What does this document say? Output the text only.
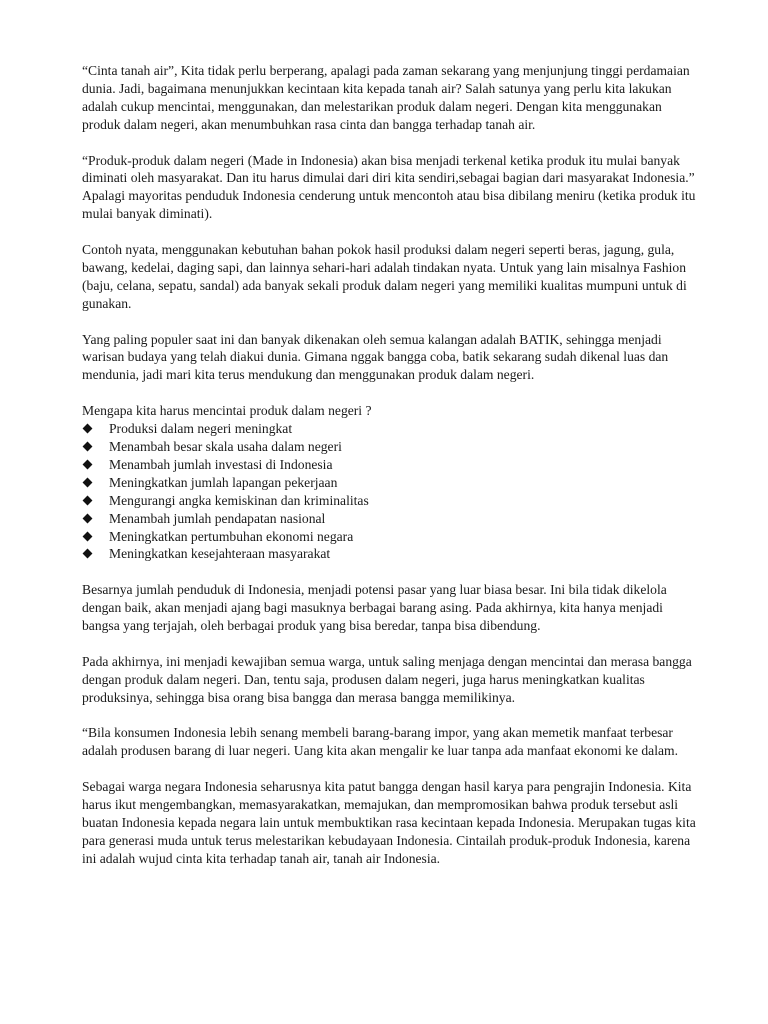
“Cinta tanah air”, Kita tidak perlu berperang, apalagi pada zaman sekarang yang menjunjung tinggi perdamaian dunia. Jadi, bagaimana menunjukkan kecintaan kita kepada tanah air? Salah satunya yang perlu kita lakukan adalah cukup mencintai, menggunakan, dan melestarikan produk dalam negeri. Dengan kita menggunakan produk dalam negeri, akan menumbuhkan rasa cinta dan bangga terhadap tanah air.

“Produk-produk dalam negeri (Made in Indonesia) akan bisa menjadi terkenal ketika produk itu mulai banyak diminati oleh masyarakat. Dan itu harus dimulai dari diri kita sendiri,sebagai bagian dari masyarakat Indonesia.” Apalagi mayoritas penduduk Indonesia cenderung untuk mencontoh atau bisa dibilang meniru (ketika produk itu mulai banyak diminati).

Contoh nyata, menggunakan kebutuhan bahan pokok hasil produksi dalam negeri seperti beras, jagung, gula, bawang, kedelai, daging sapi, dan lainnya sehari-hari adalah tindakan nyata. Untuk yang lain misalnya Fashion (baju, celana, sepatu, sandal) ada banyak sekali produk dalam negeri yang memiliki kualitas mumpuni untuk di gunakan.

Yang paling populer saat ini dan banyak dikenakan oleh semua kalangan adalah BATIK, sehingga menjadi warisan budaya yang telah diakui dunia. Gimana nggak bangga coba, batik sekarang sudah dikenal luas dan mendunia, jadi mari kita terus mendukung dan menggunakan produk dalam negeri.

Mengapa kita harus mencintai produk dalam negeri ?
Produksi dalam negeri meningkat
Menambah besar skala usaha dalam negeri
Menambah jumlah investasi di Indonesia
Meningkatkan jumlah lapangan pekerjaan
Mengurangi angka kemiskinan dan kriminalitas
Menambah jumlah pendapatan nasional
Meningkatkan pertumbuhan ekonomi negara
Meningkatkan kesejahteraan masyarakat

Besarnya jumlah penduduk di Indonesia, menjadi potensi pasar yang luar biasa besar. Ini bila tidak dikelola dengan baik, akan menjadi ajang bagi masuknya berbagai barang asing. Pada akhirnya, kita hanya menjadi bangsa yang terjajah, oleh berbagai produk yang bisa beredar, tanpa bisa dibendung.

Pada akhirnya, ini menjadi kewajiban semua warga, untuk saling menjaga dengan mencintai dan merasa bangga dengan produk dalam negeri. Dan, tentu saja, produsen dalam negeri, juga harus meningkatkan kualitas produksinya, sehingga bisa orang bisa bangga dan merasa bangga memilikinya.

“Bila konsumen Indonesia lebih senang membeli barang-barang impor, yang akan memetik manfaat terbesar adalah produsen barang di luar negeri. Uang kita akan mengalir ke luar tanpa ada manfaat ekonomi ke dalam.

Sebagai warga negara Indonesia seharusnya kita patut bangga dengan hasil karya para pengrajin Indonesia. Kita harus ikut mengembangkan, memasyarakatkan, memajukan, dan mempromosikan bahwa produk tersebut asli buatan Indonesia kepada negara lain untuk membuktikan rasa kecintaan kepada Indonesia. Merupakan tugas kita para generasi muda untuk terus melestarikan kebudayaan Indonesia. Cintailah produk-produk Indonesia, karena ini adalah wujud cinta kita terhadap tanah air, tanah air Indonesia.
